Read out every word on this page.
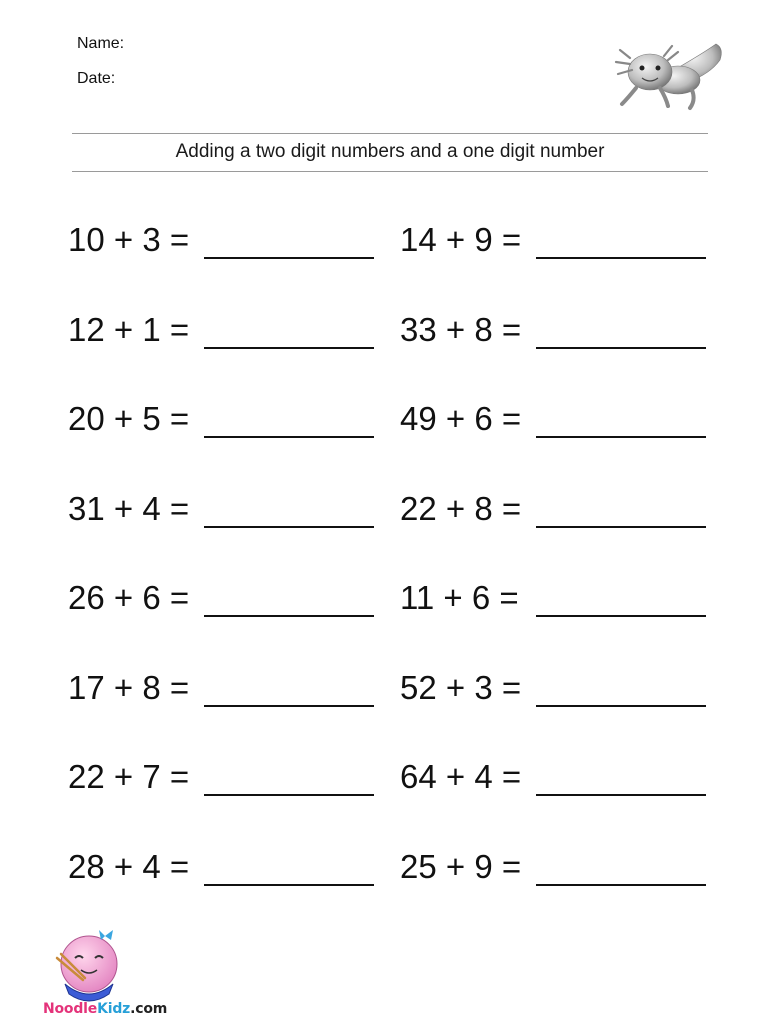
Name:
Date:
Adding a two digit numbers and a one digit number
10 + 3 =	14 + 9 =
12 + 1 =	33 + 8 =
20 + 5 =	49 + 6 =
31 + 4 =	22 + 8 =
26 + 6 =	11 + 6 =
17 + 8 =	52 + 3 =
22 + 7 =	64 + 4 =
28 + 4 =	25 + 9 =
NoodleKidz.com
